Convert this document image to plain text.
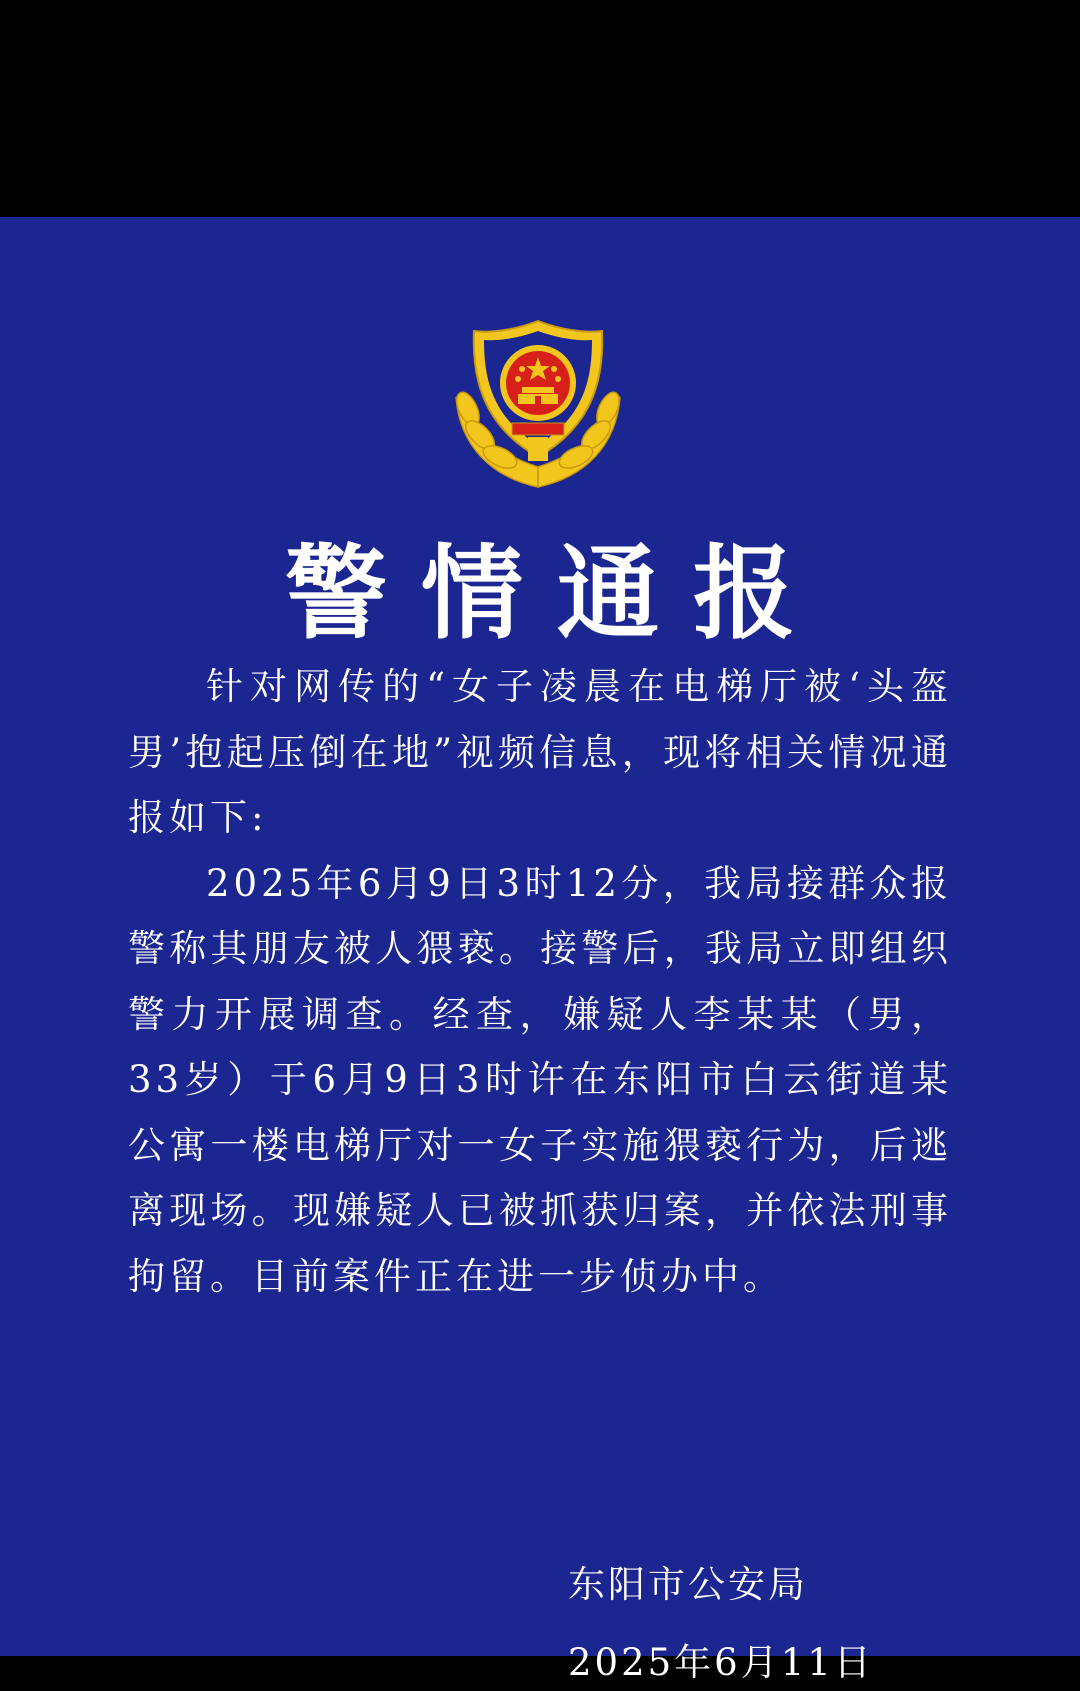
警情通报

针对网传的“女子凌晨在电梯厅被‘头盔男’抱起压倒在地”视频信息，现将相关情况通报如下:

2025年6月9日3时12分，我局接群众报警称其朋友被人猥亵。接警后，我局立即组织警力开展调查。经查，嫌疑人李某某（男，33岁）于6月9日3时许在东阳市白云街道某公寓一楼电梯厅对一女子实施猥亵行为，后逃离现场。现嫌疑人已被抓获归案，并依法刑事拘留。目前案件正在进一步侦办中。

东阳市公安局
2025年6月11日
